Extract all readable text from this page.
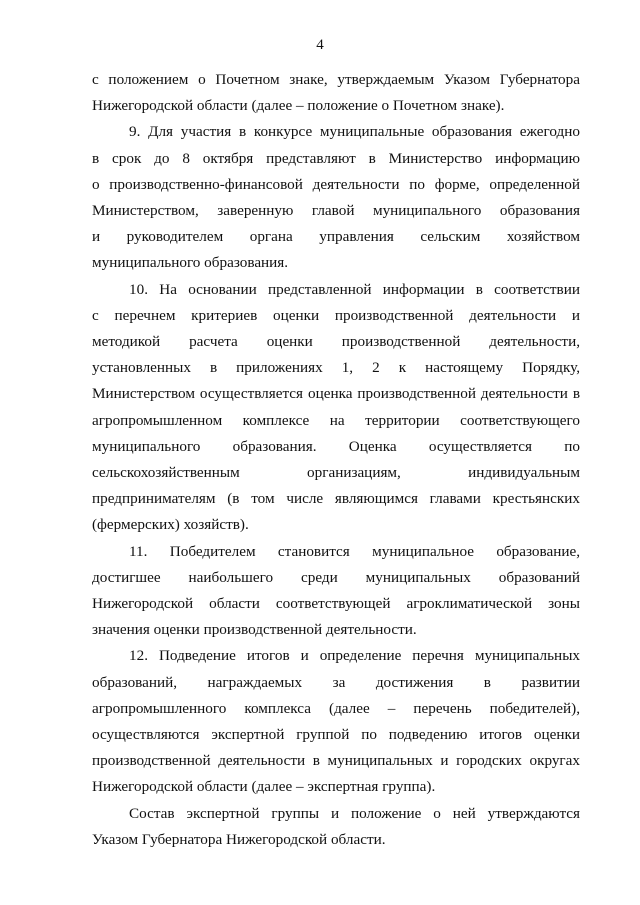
4
с положением о Почетном знаке, утверждаемым Указом Губернатора
Нижегородской области (далее – положение о Почетном знаке).
9. Для участия в конкурсе муниципальные образования ежегодно
в срок до 8 октября представляют в Министерство информацию
о производственно-финансовой деятельности по форме, определенной
Министерством, заверенную главой муниципального образования
и руководителем органа управления сельским хозяйством
муниципального образования.
10. На основании представленной информации в соответствии
с перечнем критериев оценки производственной деятельности и
методикой расчета оценки производственной деятельности,
установленных в приложениях 1, 2 к настоящему Порядку,
Министерством осуществляется оценка производственной деятельности в
агропромышленном комплексе на территории соответствующего
муниципального образования. Оценка осуществляется по
сельскохозяйственным организациям, индивидуальным
предпринимателям (в том числе являющимся главами крестьянских
(фермерских) хозяйств).
11. Победителем становится муниципальное образование,
достигшее наибольшего среди муниципальных образований
Нижегородской области соответствующей агроклиматической зоны
значения оценки производственной деятельности.
12. Подведение итогов и определение перечня муниципальных
образований, награждаемых за достижения в развитии
агропромышленного комплекса (далее – перечень победителей),
осуществляются экспертной группой по подведению итогов оценки
производственной деятельности в муниципальных и городских округах
Нижегородской области (далее – экспертная группа).
Состав экспертной группы и положение о ней утверждаются
Указом Губернатора Нижегородской области.
